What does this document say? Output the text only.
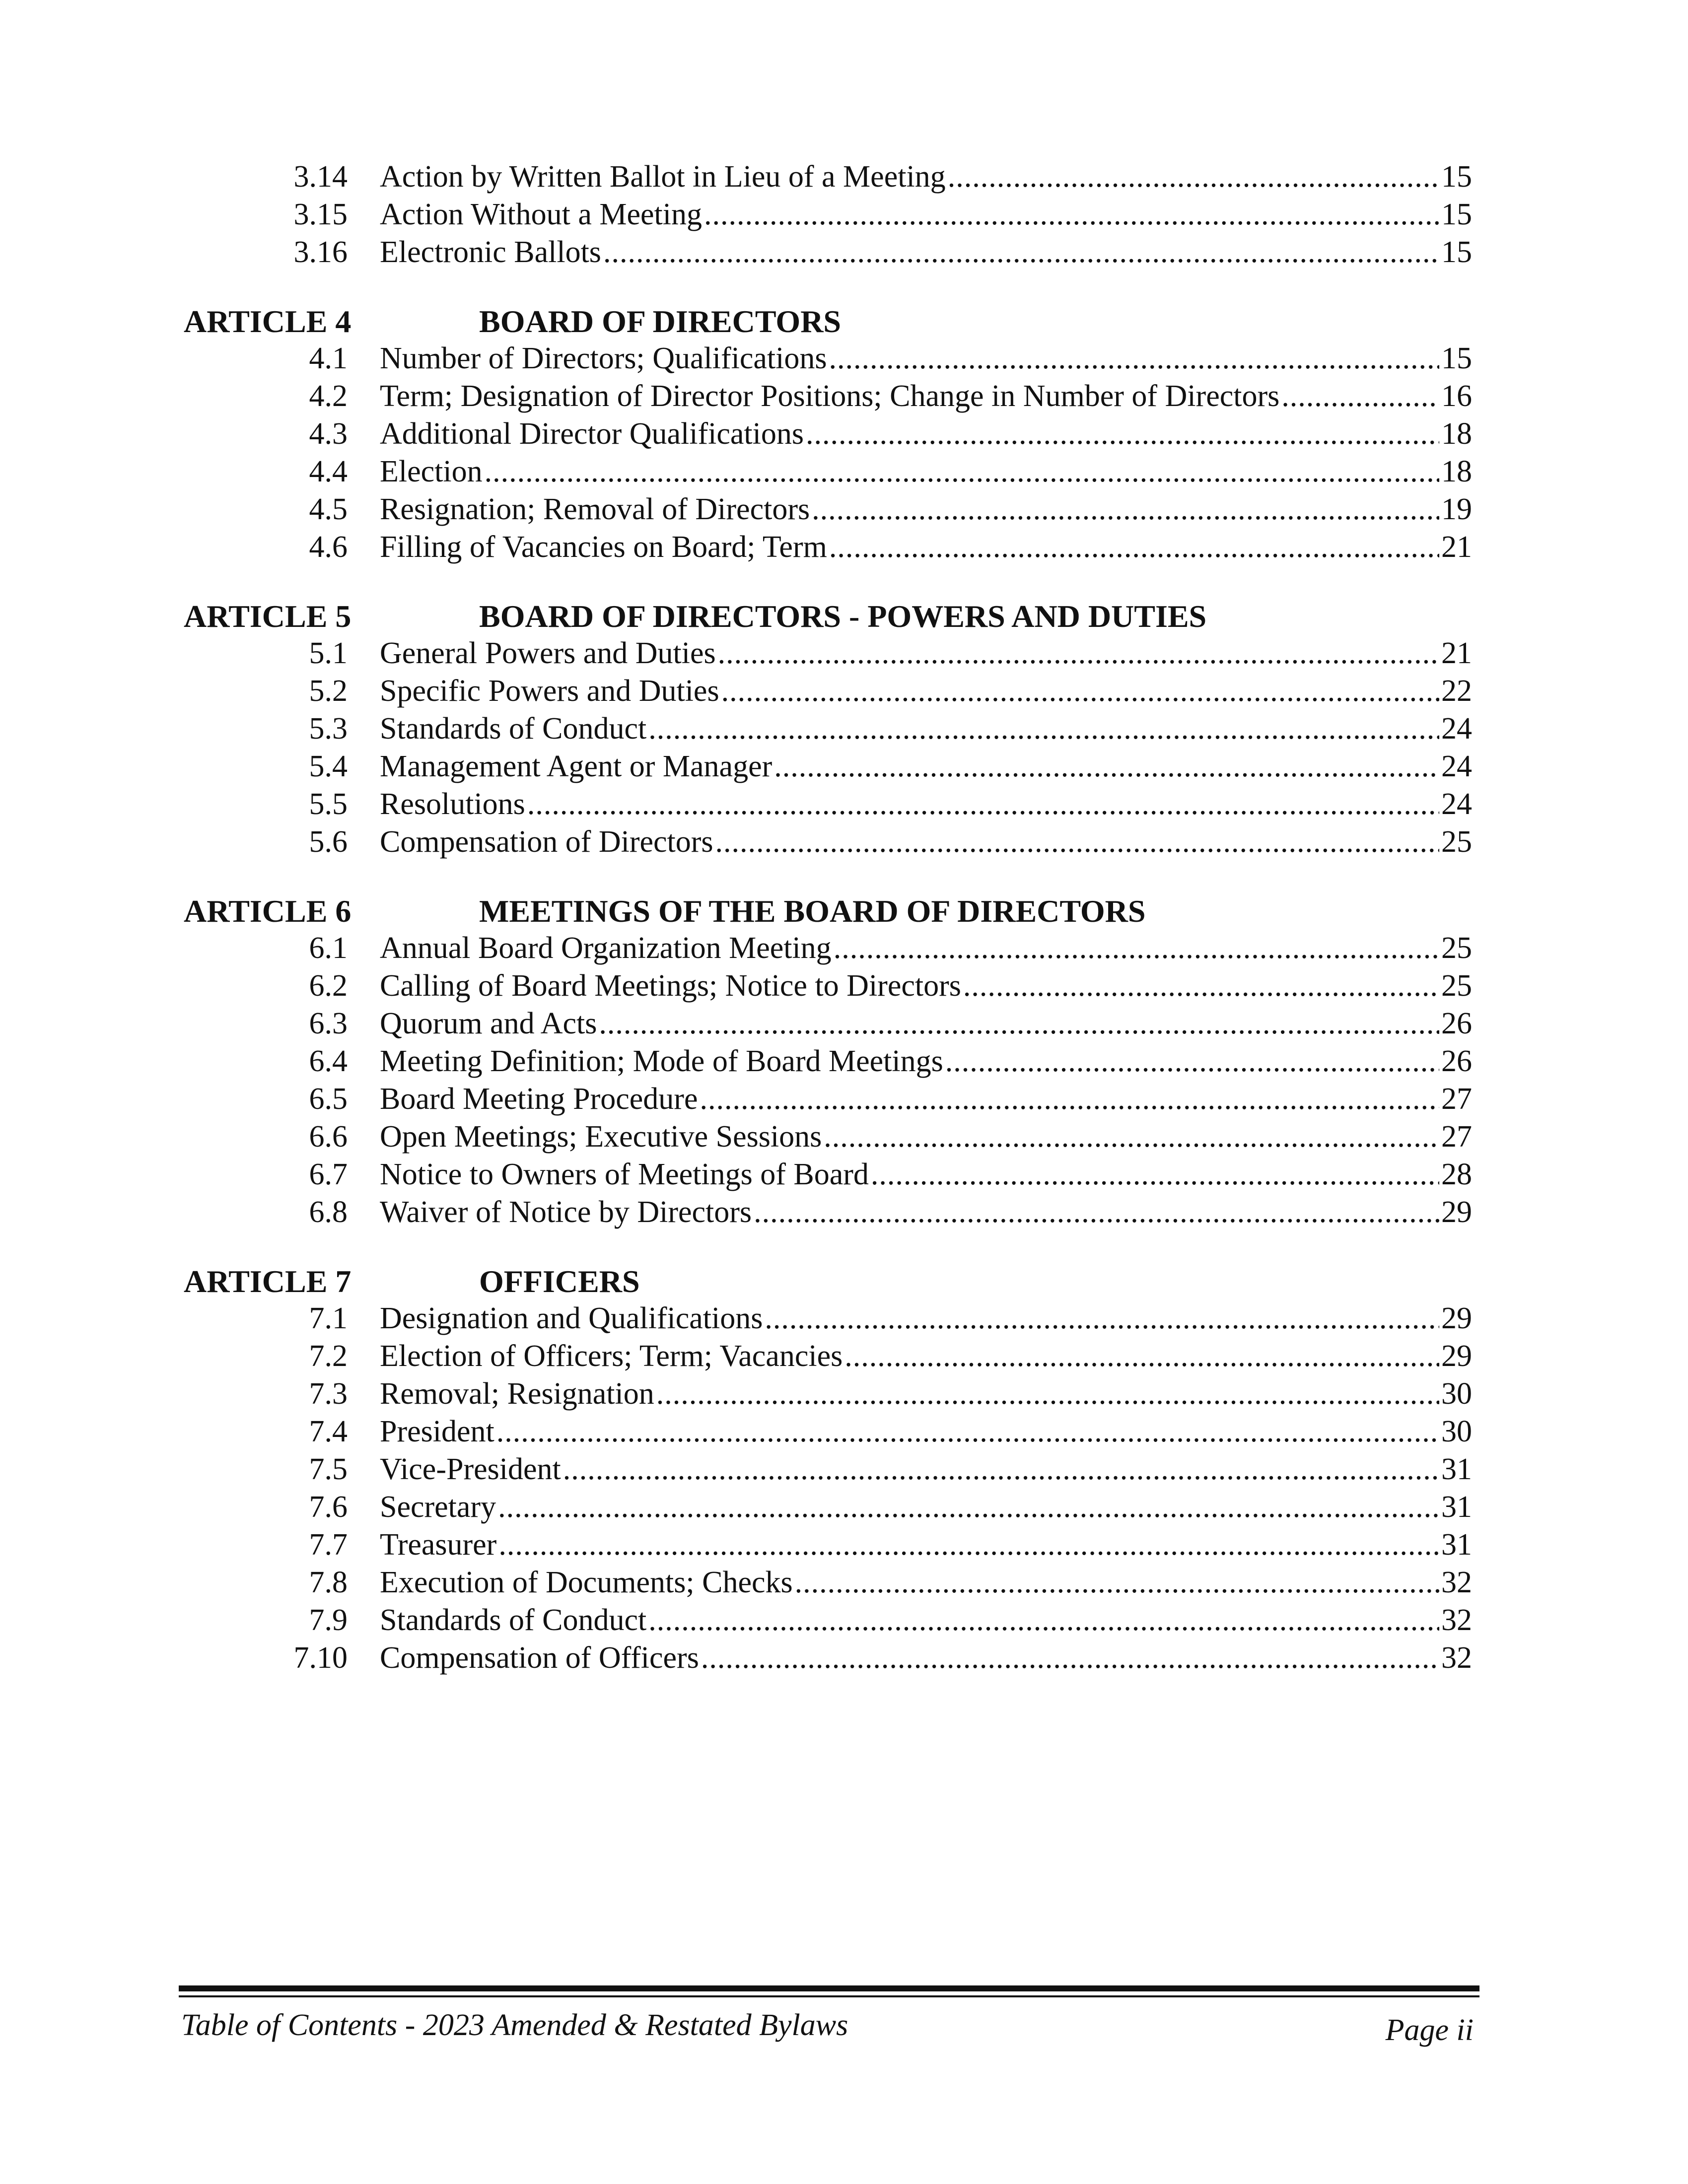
3.14 Action by Written Ballot in Lieu of a Meeting .....	15
3.15 Action Without a Meeting .....	15
3.16 Electronic Ballots .....	15
ARTICLE 4	BOARD OF DIRECTORS
4.1 Number of Directors; Qualifications .....	15
4.2 Term; Designation of Director Positions; Change in Number of Directors .....	16
4.3 Additional Director Qualifications .....	18
4.4 Election .....	18
4.5 Resignation; Removal of Directors .....	19
4.6 Filling of Vacancies on Board; Term .....	21
ARTICLE 5	BOARD OF DIRECTORS - POWERS AND DUTIES
5.1 General Powers and Duties .....	21
5.2 Specific Powers and Duties .....	22
5.3 Standards of Conduct .....	24
5.4 Management Agent or Manager .....	24
5.5 Resolutions .....	24
5.6 Compensation of Directors .....	25
ARTICLE 6	MEETINGS OF THE BOARD OF DIRECTORS
6.1 Annual Board Organization Meeting .....	25
6.2 Calling of Board Meetings; Notice to Directors .....	25
6.3 Quorum and Acts .....	26
6.4 Meeting Definition; Mode of Board Meetings .....	26
6.5 Board Meeting Procedure .....	27
6.6 Open Meetings; Executive Sessions .....	27
6.7 Notice to Owners of Meetings of Board .....	28
6.8 Waiver of Notice by Directors .....	29
ARTICLE 7	OFFICERS
7.1 Designation and Qualifications .....	29
7.2 Election of Officers; Term; Vacancies .....	29
7.3 Removal; Resignation .....	30
7.4 President .....	30
7.5 Vice-President .....	31
7.6 Secretary .....	31
7.7 Treasurer .....	31
7.8 Execution of Documents; Checks .....	32
7.9 Standards of Conduct .....	32
7.10 Compensation of Officers .....	32
Table of Contents - 2023 Amended & Restated Bylaws	Page ii
